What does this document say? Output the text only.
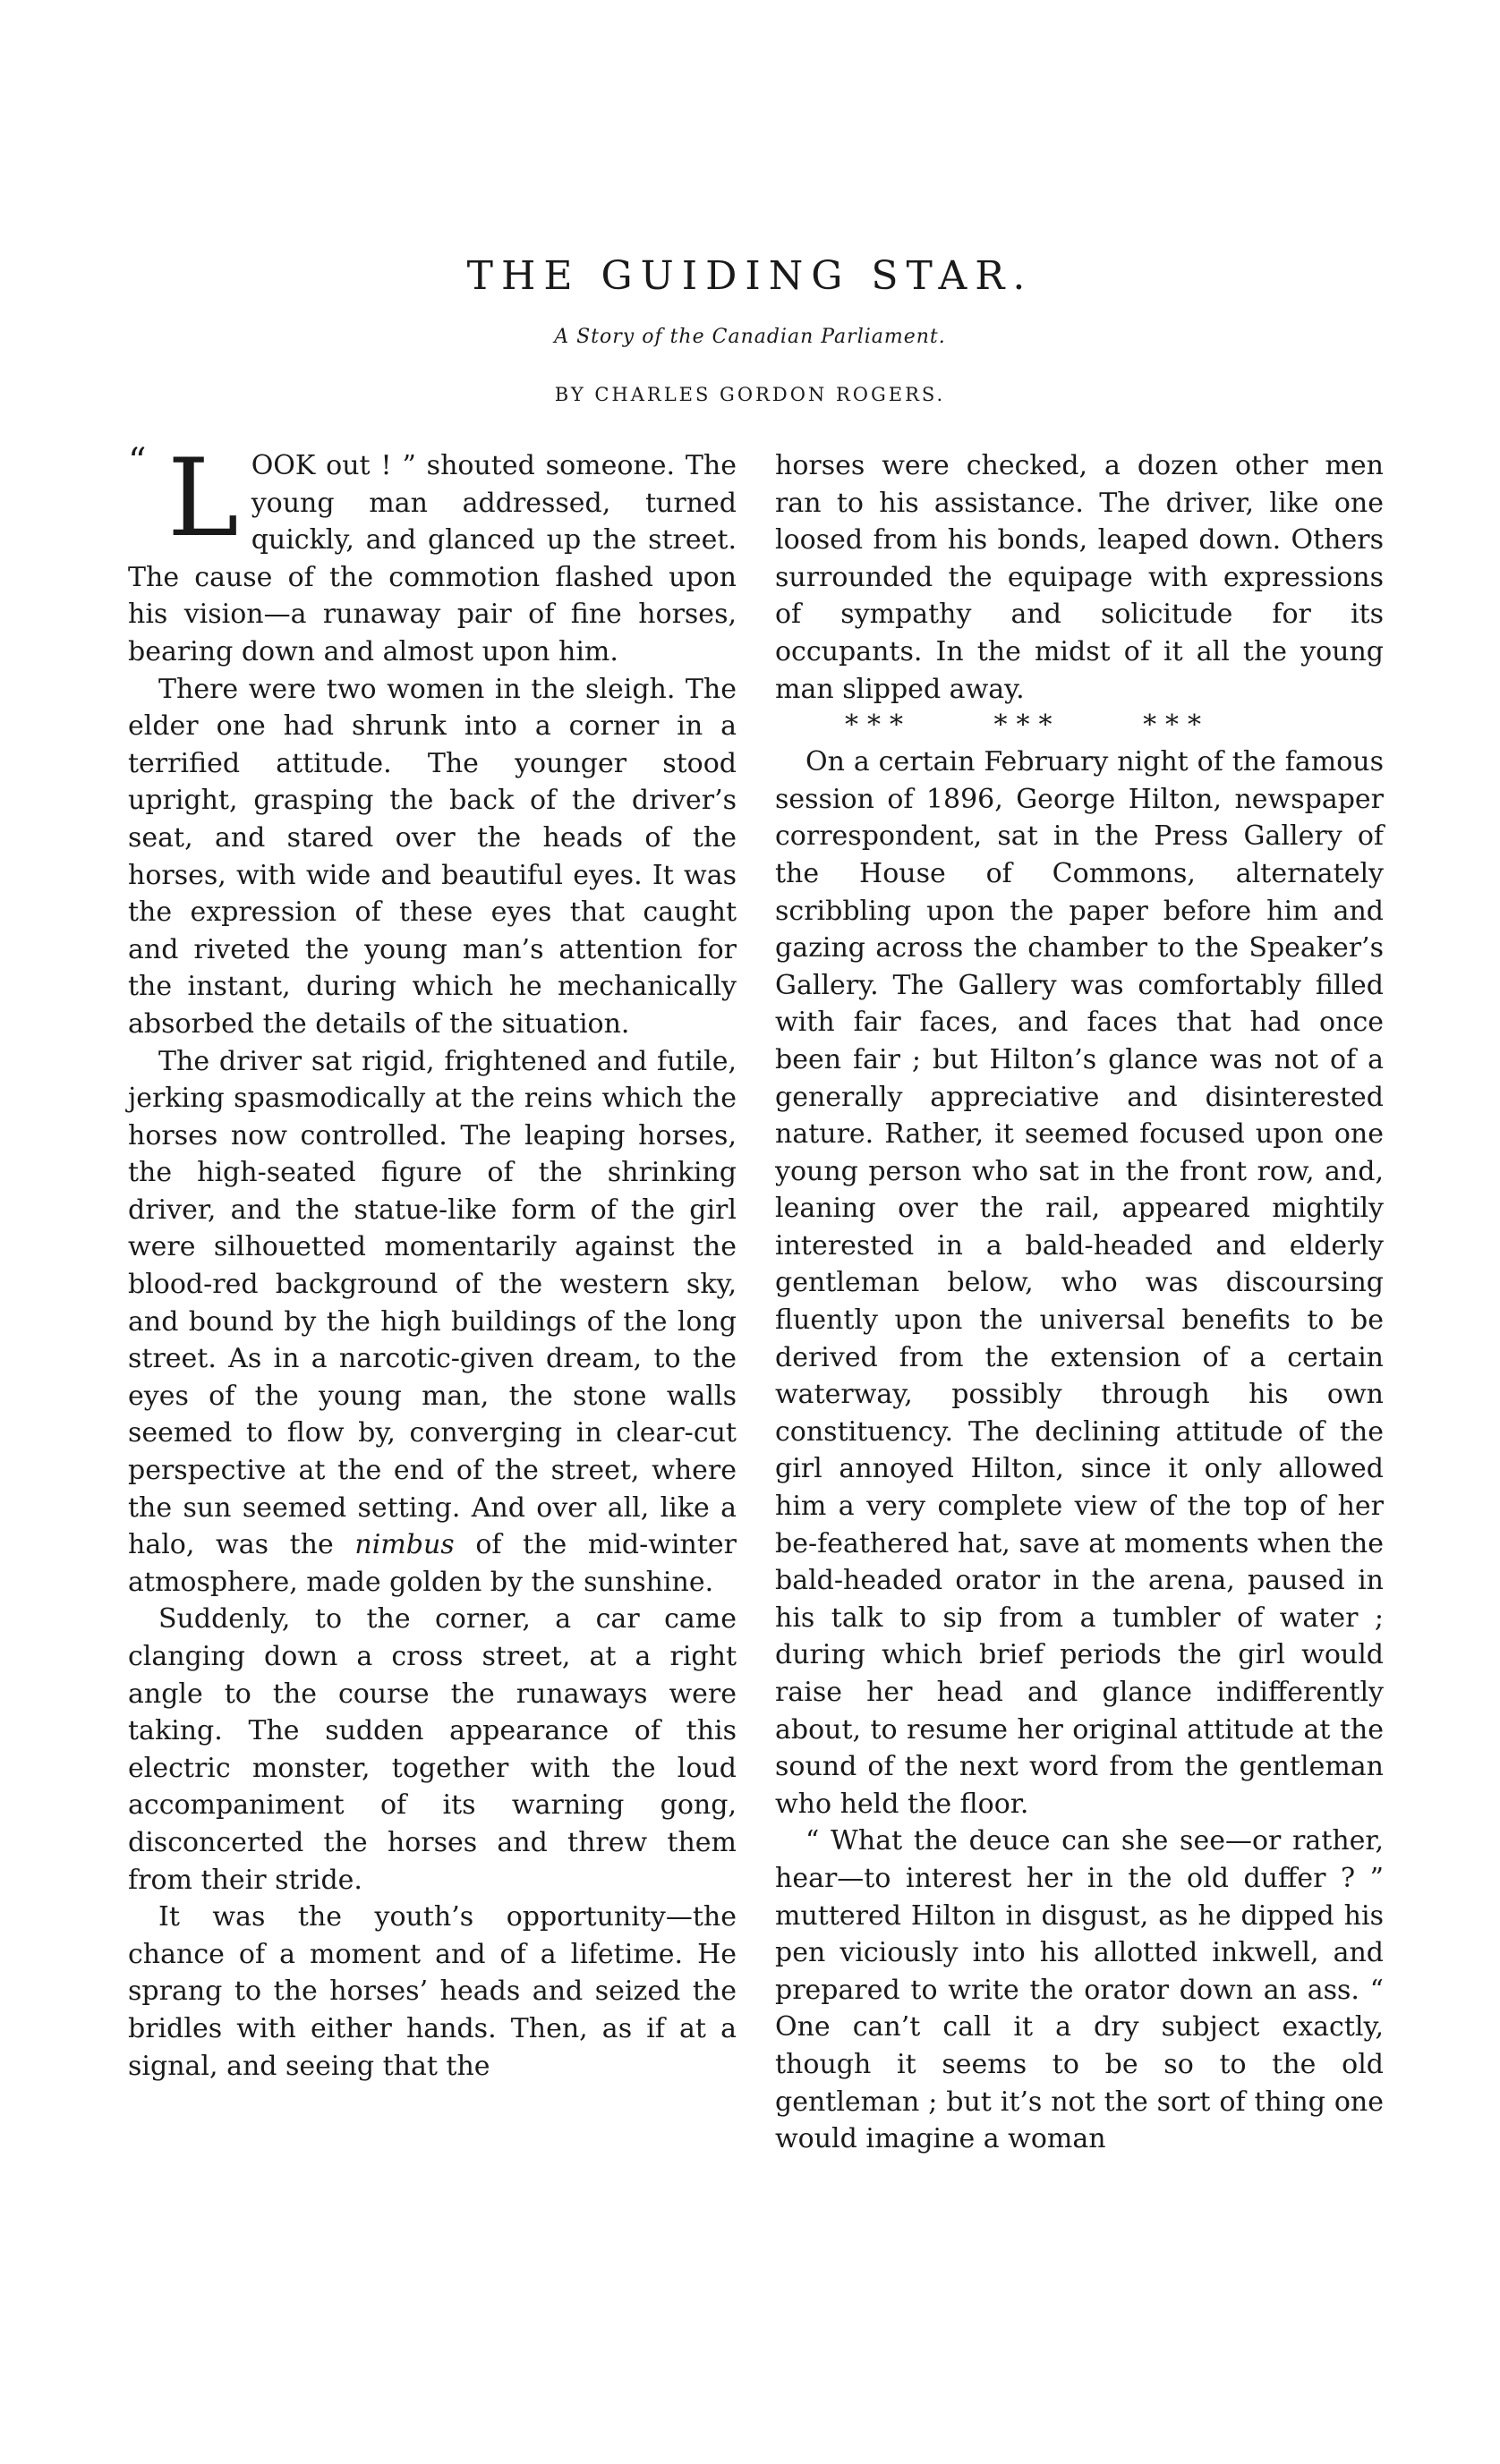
THE GUIDING STAR.

A Story of the Canadian Parliament.

BY CHARLES GORDON ROGERS.

“ L OOK out ! ” shouted someone. The young man addressed, turned quickly, and glanced up the street. The cause of the commotion flashed upon his vision—a runaway pair of fine horses, bearing down and almost upon him.

There were two women in the sleigh. The elder one had shrunk into a corner in a terrified attitude. The younger stood upright, grasping the back of the driver’s seat, and stared over the heads of the horses, with wide and beautiful eyes. It was the expression of these eyes that caught and riveted the young man’s attention for the instant, during which he mechanically absorbed the details of the situation.

The driver sat rigid, frightened and futile, jerking spasmodically at the reins which the horses now controlled. The leaping horses, the high-seated figure of the shrinking driver, and the statue-like form of the girl were silhouetted momentarily against the blood-red background of the western sky, and bound by the high buildings of the long street. As in a narcotic-given dream, to the eyes of the young man, the stone walls seemed to flow by, converging in clear-cut perspective at the end of the street, where the sun seemed setting. And over all, like a halo, was the nimbus of the mid-winter atmosphere, made golden by the sunshine.

Suddenly, to the corner, a car came clanging down a cross street, at a right angle to the course the runaways were taking. The sudden appearance of this electric monster, together with the loud accompaniment of its warning gong, disconcerted the horses and threw them from their stride.

It was the youth’s opportunity—the chance of a moment and of a lifetime. He sprang to the horses’ heads and seized the bridles with either hands. Then, as if at a signal, and seeing that the

horses were checked, a dozen other men ran to his assistance. The driver, like one loosed from his bonds, leaped down. Others surrounded the equipage with expressions of sympathy and solicitude for its occupants. In the midst of it all the young man slipped away.

* * *	* * *	* * *

On a certain February night of the famous session of 1896, George Hilton, newspaper correspondent, sat in the Press Gallery of the House of Commons, alternately scribbling upon the paper before him and gazing across the chamber to the Speaker’s Gallery. The Gallery was comfortably filled with fair faces, and faces that had once been fair ; but Hilton’s glance was not of a generally appreciative and disinterested nature. Rather, it seemed focused upon one young person who sat in the front row, and, leaning over the rail, appeared mightily interested in a bald-headed and elderly gentleman below, who was discoursing fluently upon the universal benefits to be derived from the extension of a certain waterway, possibly through his own constituency. The declining attitude of the girl annoyed Hilton, since it only allowed him a very complete view of the top of her be-feathered hat, save at moments when the bald-headed orator in the arena, paused in his talk to sip from a tumbler of water ; during which brief periods the girl would raise her head and glance indifferently about, to resume her original attitude at the sound of the next word from the gentleman who held the floor.

“ What the deuce can she see—or rather, hear—to interest her in the old duffer ? ” muttered Hilton in disgust, as he dipped his pen viciously into his allotted inkwell, and prepared to write the orator down an ass. “ One can’t call it a dry subject exactly, though it seems to be so to the old gentleman ; but it’s not the sort of thing one would imagine a woman
